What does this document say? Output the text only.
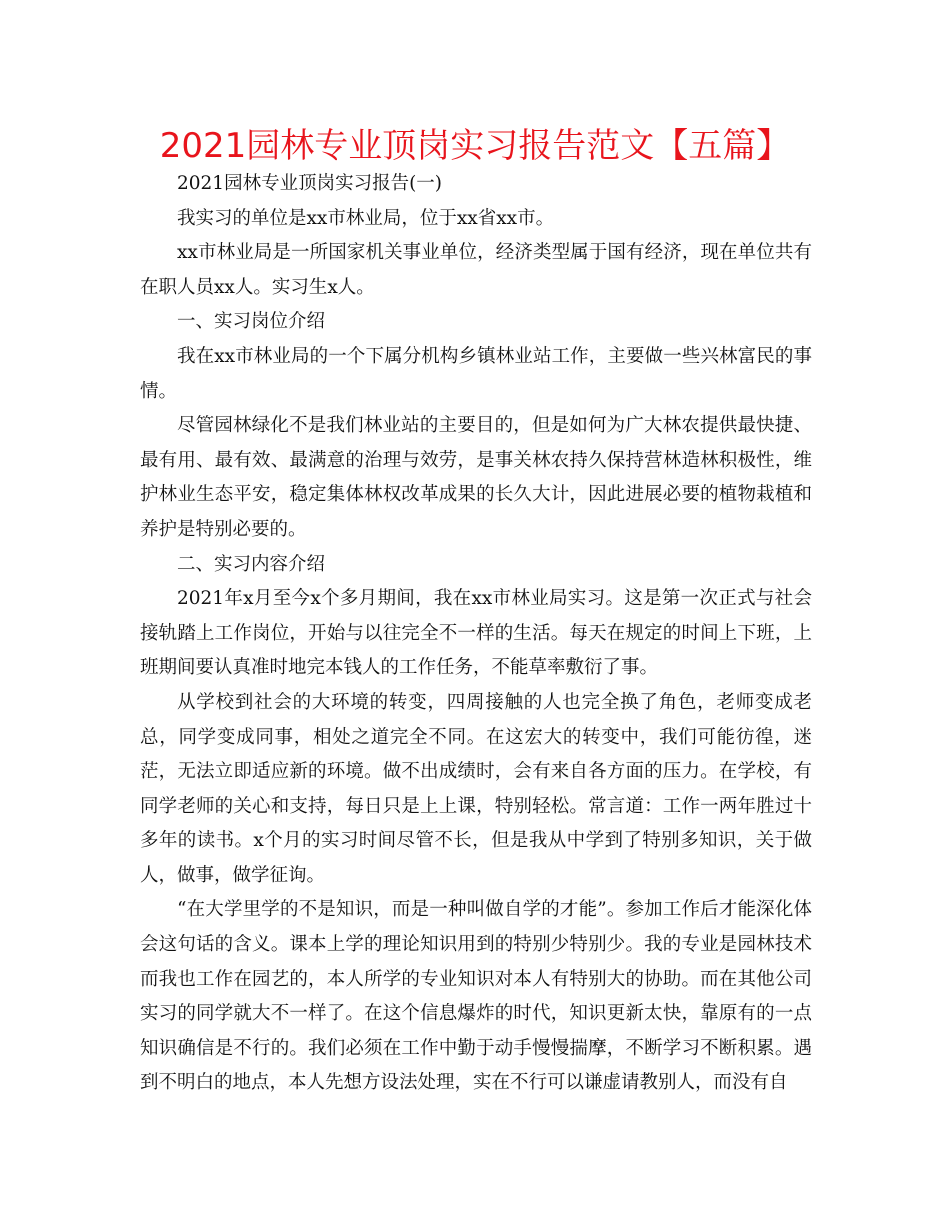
2021园林专业顶岗实习报告范文【五篇】

2021园林专业顶岗实习报告(一)

我实习的单位是xx市林业局，位于xx省xx市。

xx市林业局是一所国家机关事业单位，经济类型属于国有经济，现在单位共有在职人员xx人。实习生x人。

一、实习岗位介绍

我在xx市林业局的一个下属分机构乡镇林业站工作，主要做一些兴林富民的事情。

尽管园林绿化不是我们林业站的主要目的，但是如何为广大林农提供最快捷、最有用、最有效、最满意的治理与效劳，是事关林农持久保持营林造林积极性，维护林业生态平安，稳定集体林权改革成果的长久大计，因此进展必要的植物栽植和养护是特别必要的。

二、实习内容介绍

2021年x月至今x个多月期间，我在xx市林业局实习。这是第一次正式与社会接轨踏上工作岗位，开始与以往完全不一样的生活。每天在规定的时间上下班，上班期间要认真准时地完本钱人的工作任务，不能草率敷衍了事。

从学校到社会的大环境的转变，四周接触的人也完全换了角色，老师变成老总，同学变成同事，相处之道完全不同。在这宏大的转变中，我们可能彷徨，迷茫，无法立即适应新的环境。做不出成绩时，会有来自各方面的压力。在学校，有同学老师的关心和支持，每日只是上上课，特别轻松。常言道：工作一两年胜过十多年的读书。x个月的实习时间尽管不长，但是我从中学到了特别多知识，关于做人，做事，做学征询。

“在大学里学的不是知识，而是一种叫做自学的才能”。参加工作后才能深化体会这句话的含义。课本上学的理论知识用到的特别少特别少。我的专业是园林技术而我也工作在园艺的，本人所学的专业知识对本人有特别大的协助。而在其他公司实习的同学就大不一样了。在这个信息爆炸的时代，知识更新太快，靠原有的一点知识确信是不行的。我们必须在工作中勤于动手慢慢揣摩，不断学习不断积累。遇到不明白的地点，本人先想方设法处理，实在不行可以谦虚请教别人，而没有自
